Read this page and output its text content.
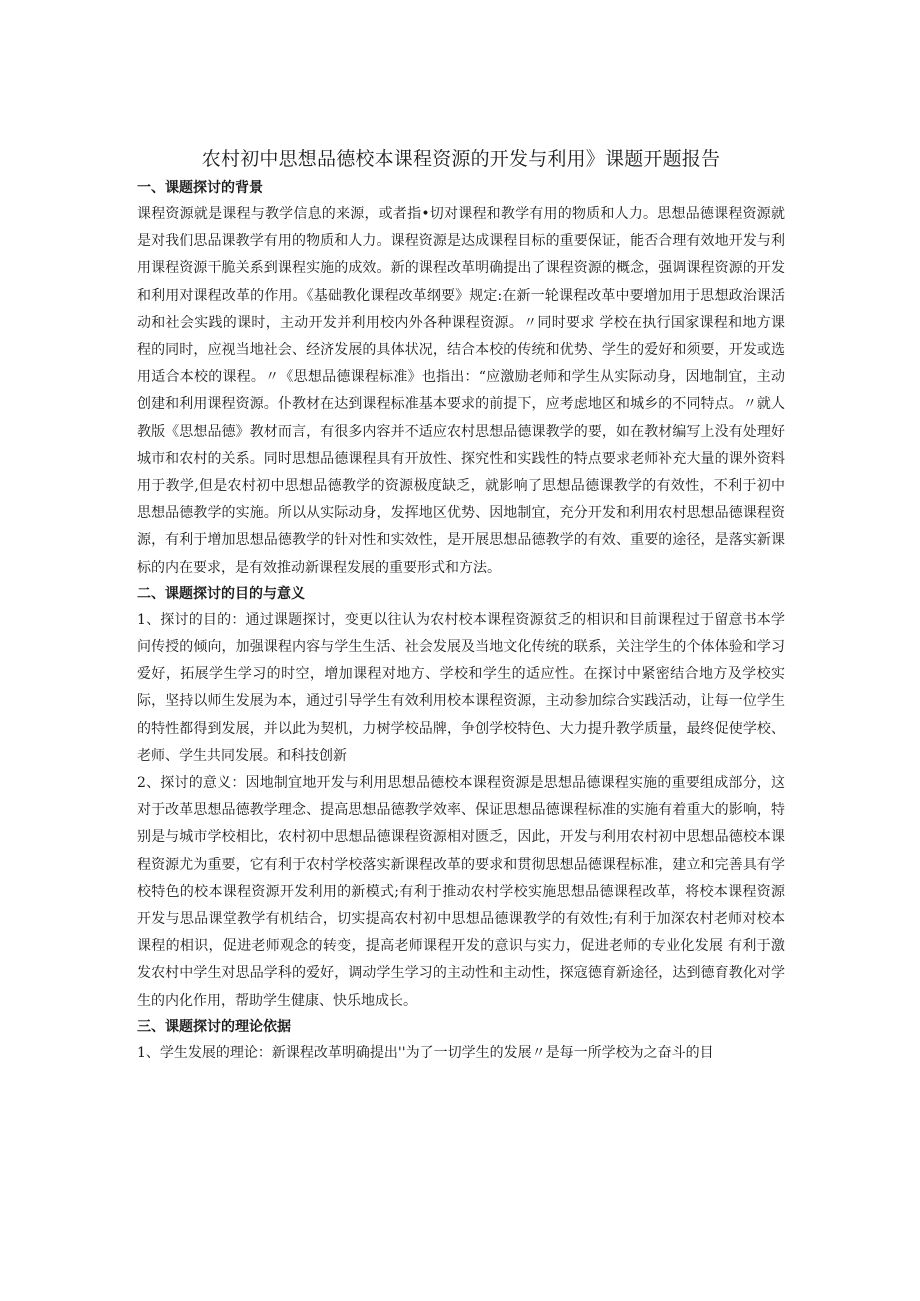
农村初中思想品德校本课程资源的开发与利用》课题开题报告
一、课题探讨的背景

课程资源就是课程与教学信息的来源，或者指•切对课程和教学有用的物质和人力。思想品德课程资源就是对我们思品课教学有用的物质和人力。课程资源是达成课程目标的重要保证，能否合理有效地开发与利用课程资源干脆关系到课程实施的成效。新的课程改革明确提出了课程资源的概念，强调课程资源的开发和利用对课程改革的作用。《基础教化课程改革纲要》规定:在新一轮课程改革中要增加用于思想政治课活动和社会实践的课时，主动开发并利用校内外各种课程资源。〃同时要求 学校在执行国家课程和地方课程的同时，应视当地社会、经济发展的具体状况，结合本校的传统和优势、学生的爱好和须要，开发或选用适合本校的课程。〃《思想品德课程标准》也指出：“应激励老师和学生从实际动身，因地制宜，主动创建和利用课程资源。仆教材在达到课程标准基本要求的前提下，应考虑地区和城乡的不同特点。〃就人教版《思想品德》教材而言，有很多内容并不适应农村思想品德课教学的要，如在教材编写上没有处理好城市和农村的关系。同时思想品德课程具有开放性、探究性和实践性的特点要求老师补充大量的课外资料用于教学,但是农村初中思想品德教学的资源极度缺乏，就影响了思想品德课教学的有效性，不利于初中思想品德教学的实施。所以从实际动身，发挥地区优势、因地制宜，充分开发和利用农村思想品德课程资源，有利于增加思想品德教学的针对性和实效性，是开展思想品德教学的有效、重要的途径，是落实新课标的内在要求，是有效推动新课程发展的重要形式和方法。

二、课题探讨的目的与意义

1、探讨的目的：通过课题探讨，变更以往认为农村校本课程资源贫乏的相识和目前课程过于留意书本学问传授的倾向，加强课程内容与学生生活、社会发展及当地文化传统的联系，关注学生的个体体验和学习爱好，拓展学生学习的时空，增加课程对地方、学校和学生的适应性。在探讨中紧密结合地方及学校实际，坚持以师生发展为本，通过引导学生有效利用校本课程资源，主动参加综合实践活动，让每一位学生的特性都得到发展，并以此为契机，力树学校品牌，争创学校特色、大力提升教学质量，最终促使学校、老师、学生共同发展。和科技创新

2、探讨的意义：因地制宜地开发与利用思想品德校本课程资源是思想品德课程实施的重要组成部分，这对于改革思想品德教学理念、提高思想品德教学效率、保证思想品德课程标准的实施有着重大的影响，特别是与城市学校相比，农村初中思想品德课程资源相对匮乏，因此，开发与利用农村初中思想品德校本课程资源尤为重要，它有利于农村学校落实新课程改革的要求和贯彻思想品德课程标准，建立和完善具有学校特色的校本课程资源开发利用的新模式;有利于推动农村学校实施思想品德课程改革，将校本课程资源开发与思品课堂教学有机结合，切实提高农村初中思想品德课教学的有效性;有利于加深农村老师对校本课程的相识，促进老师观念的转变，提高老师课程开发的意识与实力，促进老师的专业化发展 有利于激发农村中学生对思品学科的爱好，调动学生学习的主动性和主动性，探寇德育新途径，达到德育教化对学生的内化作用，帮助学生健康、快乐地成长。

三、课题探讨的理论依据

1、学生发展的理论：新课程改革明确提出''为了一切学生的发展〃是每一所学校为之奋斗的目
